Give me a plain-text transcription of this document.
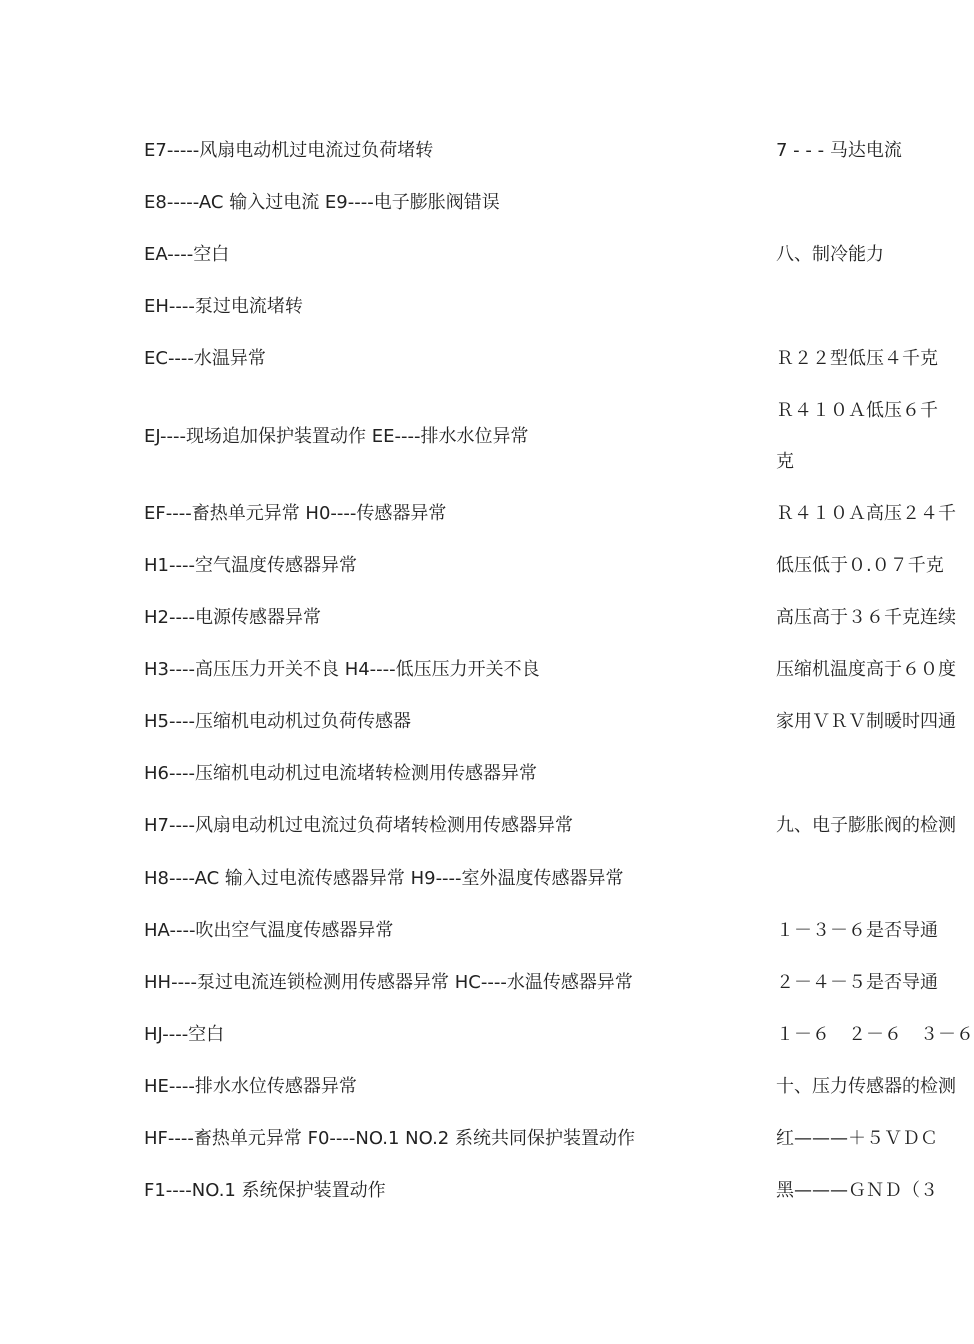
E7-----风扇电动机过电流过负荷堵转
E8-----AC 输入过电流 E9----电子膨胀阀错误
EA----空白
EH----泵过电流堵转
EC----水温异常
EJ----现场追加保护装置动作 EE----排水水位异常
EF----畜热单元异常 H0----传感器异常
H1----空气温度传感器异常
H2----电源传感器异常
H3----高压压力开关不良 H4----低压压力开关不良
H5----压缩机电动机过负荷传感器
H6----压缩机电动机过电流堵转检测用传感器异常
H7----风扇电动机过电流过负荷堵转检测用传感器异常
H8----AC 输入过电流传感器异常 H9----室外温度传感器异常
HA----吹出空气温度传感器异常
HH----泵过电流连锁检测用传感器异常 HC----水温传感器异常
HJ----空白
HE----排水水位传感器异常
HF----畜热单元异常 F0----NO.1 NO.2 系统共同保护装置动作
F1----NO.1 系统保护装置动作
7 - - - 马达电流
八、制冷能力
Ｒ２２型低压４千克
Ｒ４１０Ａ低压６千
克
Ｒ４１０Ａ高压２４千
低压低于０.０７千克
高压高于３６千克连续
压缩机温度高于６０度
家用ＶＲＶ制暖时四通
九、电子膨胀阀的检测
１－３－６是否导通
２－４－５是否导通
１－６　２－６　３－６
十、压力传感器的检测
红———＋５ＶＤＣ
黑———ＧＮＤ（３
